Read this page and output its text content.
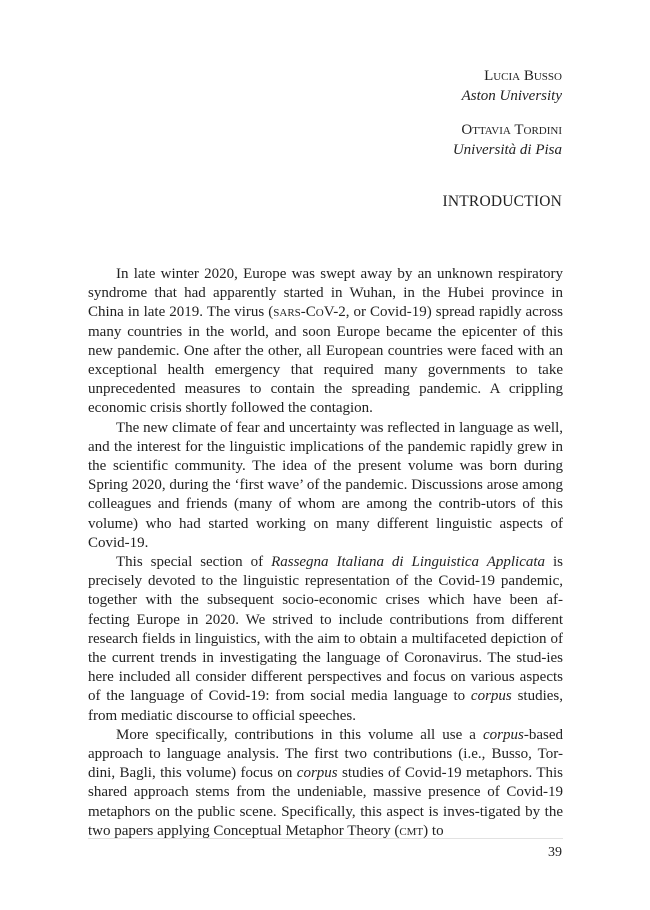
Lucia Busso
Aston University
Ottavia Tordini
Università di Pisa
INTRODUCTION

In late winter 2020, Europe was swept away by an unknown respiratory syndrome that had apparently started in Wuhan, in the Hubei province in China in late 2019. The virus (sars-CoV-2, or Covid-19) spread rapidly across many countries in the world, and soon Europe became the epicenter of this new pandemic. One after the other, all European countries were faced with an exceptional health emergency that required many governments to take unprecedented measures to contain the spreading pandemic. A crippling economic crisis shortly followed the contagion.

The new climate of fear and uncertainty was reflected in language as well, and the interest for the linguistic implications of the pandemic rapidly grew in the scientific community. The idea of the present volume was born during Spring 2020, during the ‘first wave’ of the pandemic. Discussions arose among colleagues and friends (many of whom are among the contrib-utors of this volume) who had started working on many different linguistic aspects of Covid-19.

This special section of Rassegna Italiana di Linguistica Applicata is precisely devoted to the linguistic representation of the Covid-19 pandemic, together with the subsequent socio-economic crises which have been af-fecting Europe in 2020. We strived to include contributions from different research fields in linguistics, with the aim to obtain a multifaceted depiction of the current trends in investigating the language of Coronavirus. The stud-ies here included all consider different perspectives and focus on various aspects of the language of Covid-19: from social media language to corpus studies, from mediatic discourse to official speeches.

More specifically, contributions in this volume all use a corpus-based approach to language analysis. The first two contributions (i.e., Busso, Tor-dini, Bagli, this volume) focus on corpus studies of Covid-19 metaphors. This shared approach stems from the undeniable, massive presence of Covid-19 metaphors on the public scene. Specifically, this aspect is inves-tigated by the two papers applying Conceptual Metaphor Theory (cmt) to

39
